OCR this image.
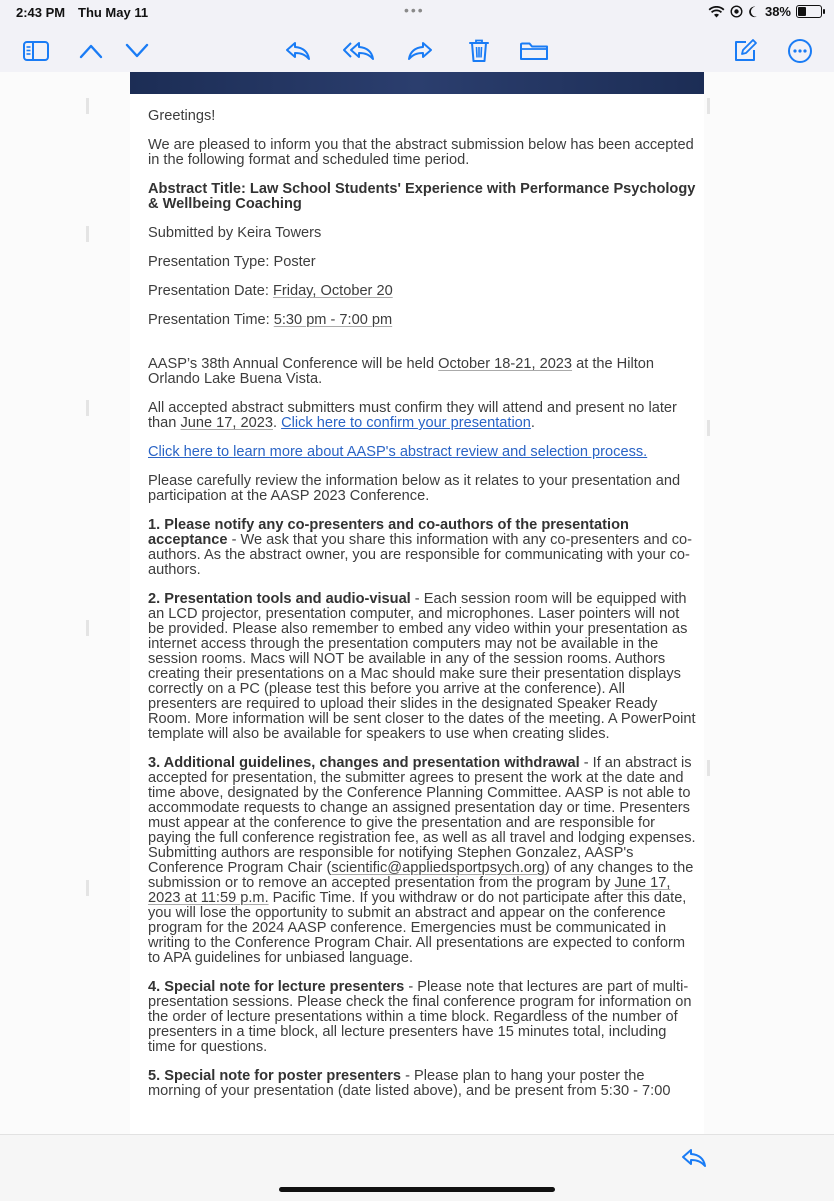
2:43 PM Thu May 11	•••	38%

Greetings!

We are pleased to inform you that the abstract submission below has been accepted in the following format and scheduled time period.

Abstract Title: Law School Students' Experience with Performance Psychology & Wellbeing Coaching

Submitted by Keira Towers

Presentation Type: Poster

Presentation Date: Friday, October 20

Presentation Time: 5:30 pm - 7:00 pm

AASP’s 38th Annual Conference will be held October 18-21, 2023 at the Hilton Orlando Lake Buena Vista.

All accepted abstract submitters must confirm they will attend and present no later than June 17, 2023. Click here to confirm your presentation.

Click here to learn more about AASP's abstract review and selection process.

Please carefully review the information below as it relates to your presentation and participation at the AASP 2023 Conference.

1. Please notify any co-presenters and co-authors of the presentation acceptance - We ask that you share this information with any co-presenters and co-authors. As the abstract owner, you are responsible for communicating with your co-authors.

2. Presentation tools and audio-visual - Each session room will be equipped with an LCD projector, presentation computer, and microphones. Laser pointers will not be provided. Please also remember to embed any video within your presentation as internet access through the presentation computers may not be available in the session rooms. Macs will NOT be available in any of the session rooms. Authors creating their presentations on a Mac should make sure their presentation displays correctly on a PC (please test this before you arrive at the conference). All presenters are required to upload their slides in the designated Speaker Ready Room. More information will be sent closer to the dates of the meeting. A PowerPoint template will also be available for speakers to use when creating slides.

3. Additional guidelines, changes and presentation withdrawal - If an abstract is accepted for presentation, the submitter agrees to present the work at the date and time above, designated by the Conference Planning Committee. AASP is not able to accommodate requests to change an assigned presentation day or time. Presenters must appear at the conference to give the presentation and are responsible for paying the full conference registration fee, as well as all travel and lodging expenses. Submitting authors are responsible for notifying Stephen Gonzalez, AASP's Conference Program Chair (scientific@appliedsportpsych.org) of any changes to the submission or to remove an accepted presentation from the program by June 17, 2023 at 11:59 p.m. Pacific Time. If you withdraw or do not participate after this date, you will lose the opportunity to submit an abstract and appear on the conference program for the 2024 AASP conference. Emergencies must be communicated in writing to the Conference Program Chair. All presentations are expected to conform to APA guidelines for unbiased language.

4. Special note for lecture presenters - Please note that lectures are part of multi-presentation sessions. Please check the final conference program for information on the order of lecture presentations within a time block. Regardless of the number of presenters in a time block, all lecture presenters have 15 minutes total, including time for questions.

5. Special note for poster presenters - Please plan to hang your poster the morning of your presentation (date listed above), and be present from 5:30 - 7:00
